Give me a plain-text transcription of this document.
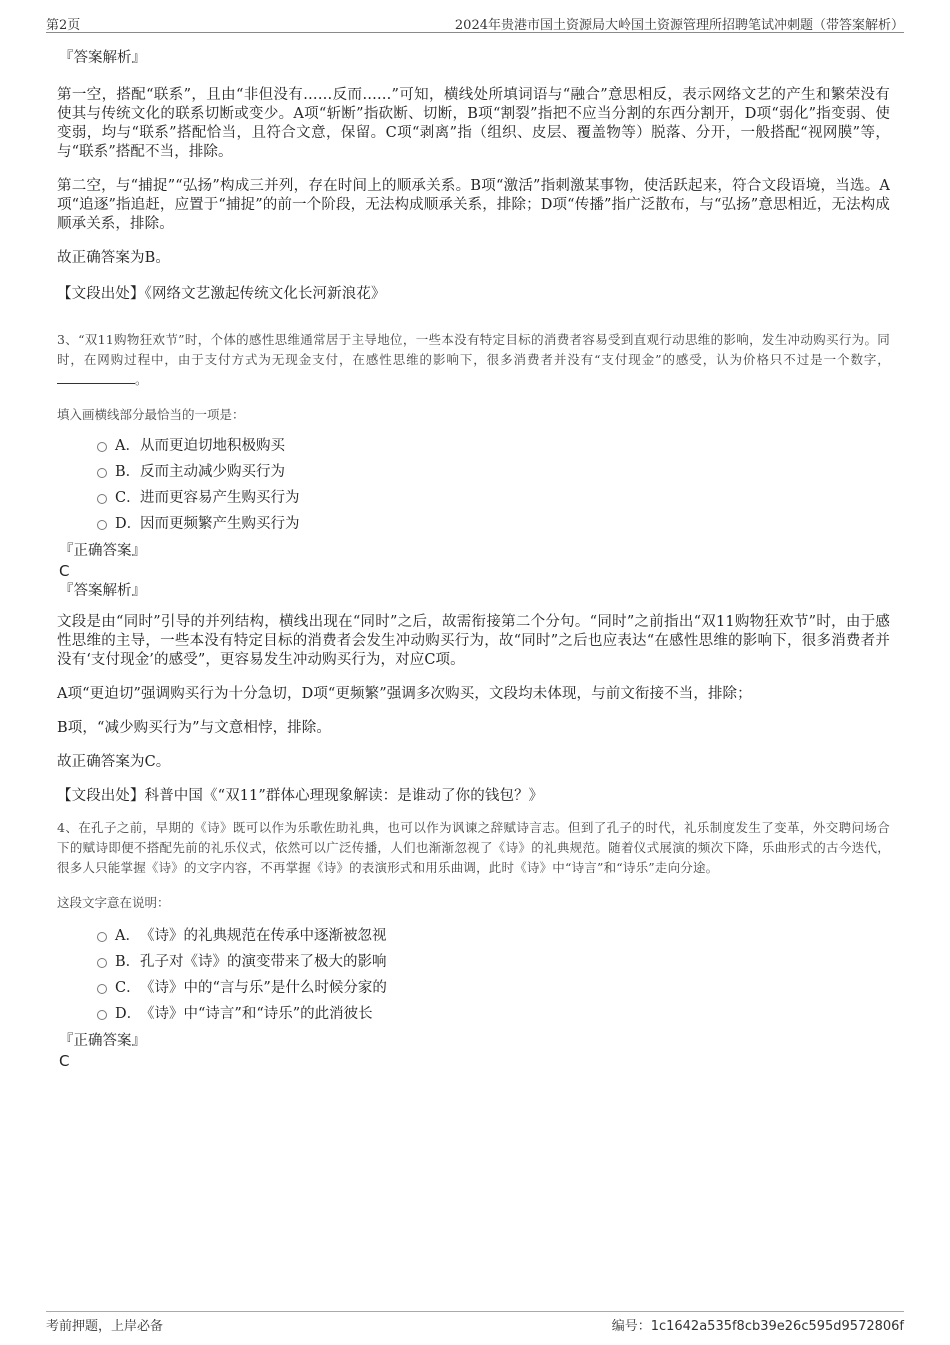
第2页	2024年贵港市国土资源局大岭国土资源管理所招聘笔试冲刺题（带答案解析）

『答案解析』

第一空，搭配“联系”，且由“非但没有……反而……”可知，横线处所填词语与“融合”意思相反，表示网络文艺的产生和繁荣没有使其与传统文化的联系切断或变少。A项“斩断”指砍断、切断，B项“割裂”指把不应当分割的东西分割开，D项“弱化”指变弱、使变弱，均与“联系”搭配恰当，且符合文意，保留。C项“剥离”指（组织、皮层、覆盖物等）脱落、分开，一般搭配“视网膜”等，与“联系”搭配不当，排除。

第二空，与“捕捉”“弘扬”构成三并列，存在时间上的顺承关系。B项“激活”指刺激某事物，使活跃起来，符合文段语境，当选。A项“追逐”指追赶，应置于“捕捉”的前一个阶段，无法构成顺承关系，排除；D项“传播”指广泛散布，与“弘扬”意思相近，无法构成顺承关系，排除。

故正确答案为B。

【文段出处】《网络文艺激起传统文化长河新浪花》

3、“双11购物狂欢节”时，个体的感性思维通常居于主导地位，一些本没有特定目标的消费者容易受到直观行动思维的影响，发生冲动购买行为。同时，在网购过程中，由于支付方式为无现金支付，在感性思维的影响下，很多消费者并没有“支付现金”的感受，认为价格只不过是一个数字，。

填入画横线部分最恰当的一项是：

A． 从而更迫切地积极购买
B． 反而主动减少购买行为
C． 进而更容易产生购买行为
D．
因而更频繁产生购买行为

『正确答案』

C

『答案解析』

文段是由“同时”引导的并列结构，横线出现在“同时”之后，故需衔接第二个分句。“同时”之前指出“双11购物狂欢节”时，由于感性思维的主导，一些本没有特定目标的消费者会发生冲动购买行为，故“同时”之后也应表达“在感性思维的影响下，很多消费者并没有‘支付现金’的感受”，更容易发生冲动购买行为，对应C项。

A项“更迫切”强调购买行为十分急切，D项“更频繁”强调多次购买，文段均未体现，与前文衔接不当，排除；

B项，“减少购买行为”与文意相悖，排除。

故正确答案为C。

【文段出处】科普中国《“双11”群体心理现象解读：是谁动了你的钱包？》

4、在孔子之前，早期的《诗》既可以作为乐歌佐助礼典，也可以作为讽谏之辞赋诗言志。但到了孔子的时代，礼乐制度发生了变革，外交聘问场合下的赋诗即便不搭配先前的礼乐仪式，依然可以广泛传播，人们也渐渐忽视了《诗》的礼典规范。随着仪式展演的频次下降，乐曲形式的古今迭代，很多人只能掌握《诗》的文字内容，不再掌握《诗》的表演形式和用乐曲调，此时《诗》中“诗言”和“诗乐”走向分途。

这段文字意在说明：

A． 《诗》的礼典规范在传承中逐渐被忽视
B． 孔子对《诗》的演变带来了极大的影响
C． 《诗》中的“言与乐”是什么时候分家的
D．
《诗》中“诗言”和“诗乐”的此消彼长

『正确答案』

C

考前押题，上岸必备	编号：1c1642a535f8cb39e26c595d9572806f
